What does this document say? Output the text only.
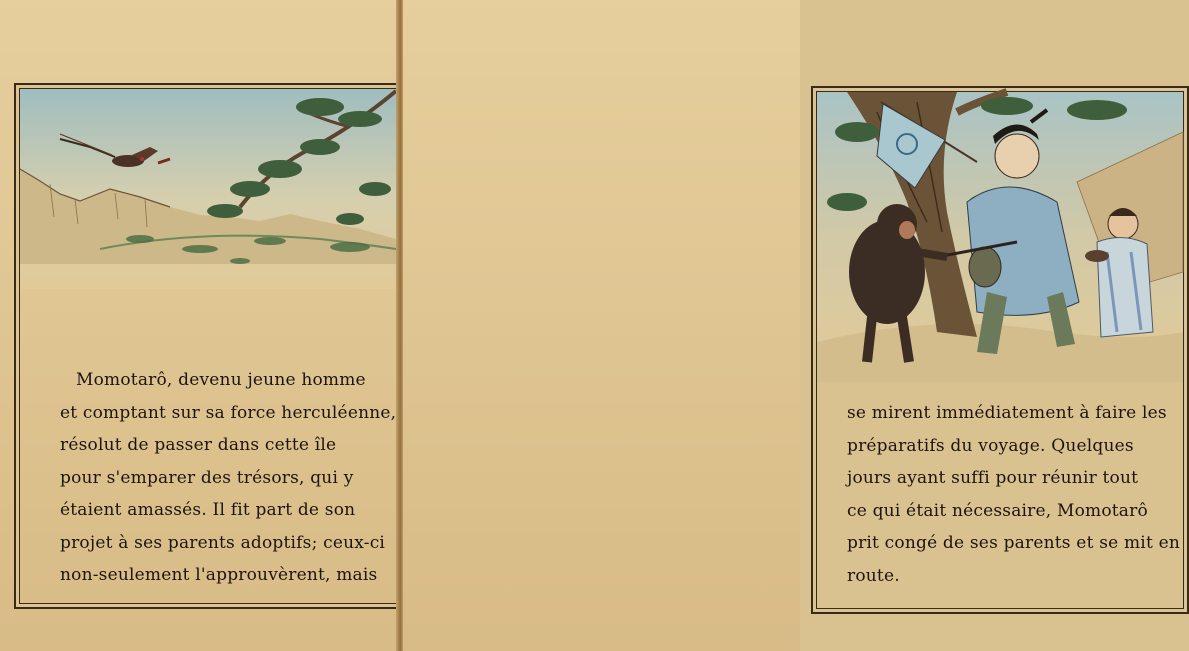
Momotarô, devenu jeune homme

et comptant sur sa force herculéenne,

résolut de passer dans cette île

pour s'emparer des trésors, qui y

étaient amassés. Il fit part de son

projet à ses parents adoptifs; ceux-ci

non-seulement l'approuvèrent, mais

se mirent immédiatement à faire les

préparatifs du voyage. Quelques

jours ayant suffi pour réunir tout

ce qui était nécessaire, Momotarô

prit congé de ses parents et se mit en

route.
